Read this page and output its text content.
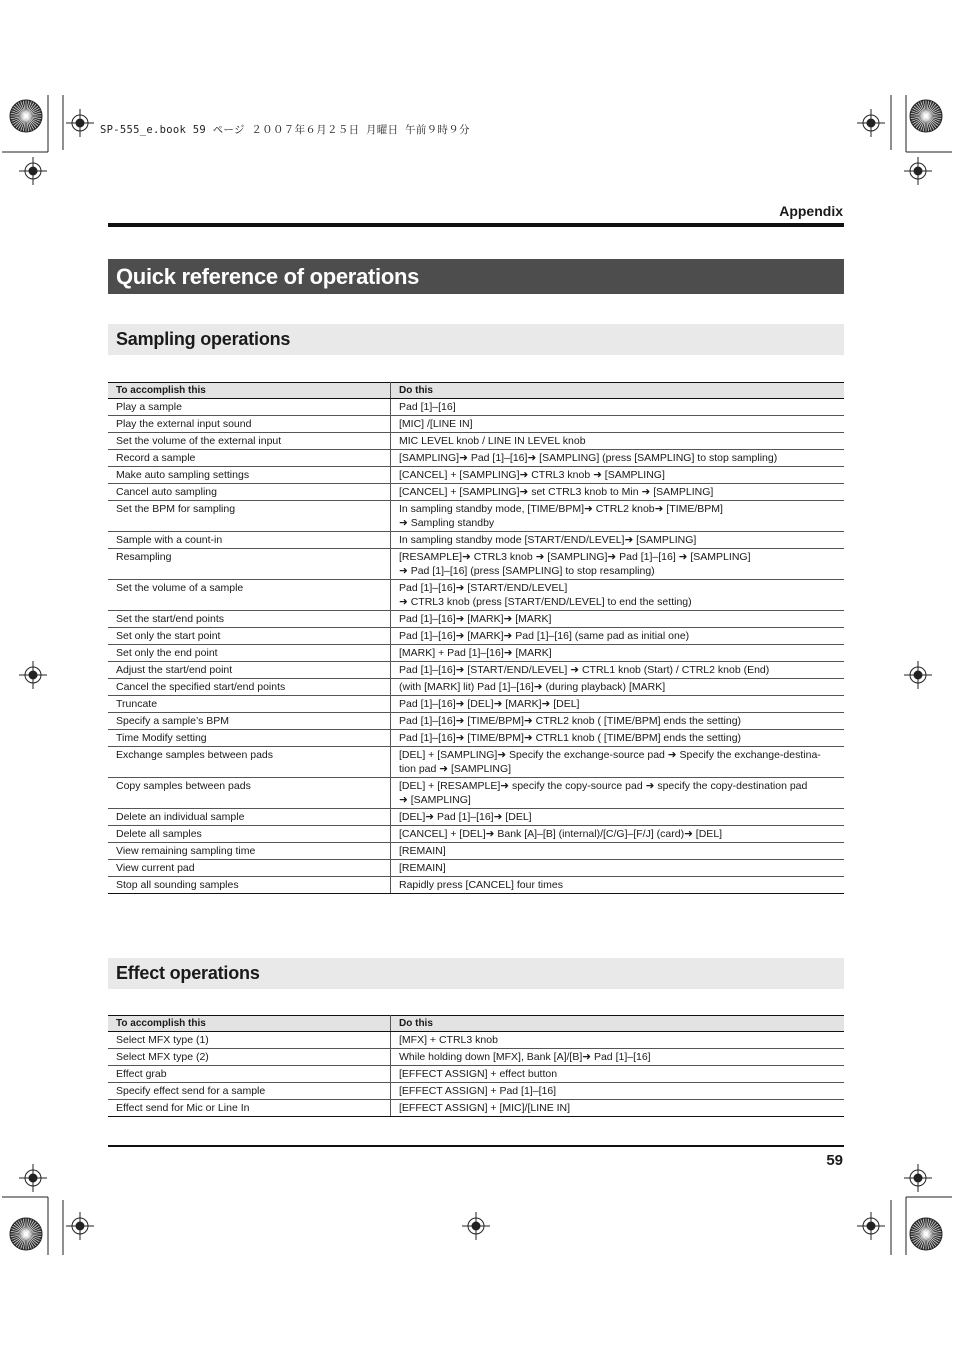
SP-555_e.book 59 ページ ２００７年６月２５日 月曜日 午前９時９分
Appendix
Quick reference of operations
Sampling operations
To accomplish this	Do this
Play a sample	Pad [1]–[16]
Play the external input sound	[MIC] /[LINE IN]
Set the volume of the external input	MIC LEVEL knob / LINE IN LEVEL knob
Record a sample	[SAMPLING]➜ Pad [1]–[16]➜ [SAMPLING] (press [SAMPLING] to stop sampling)
Make auto sampling settings	[CANCEL] + [SAMPLING]➜ CTRL3 knob ➜ [SAMPLING]
Cancel auto sampling	[CANCEL] + [SAMPLING]➜ set CTRL3 knob to Min ➜ [SAMPLING]
Set the BPM for sampling	In sampling standby mode, [TIME/BPM]➜ CTRL2 knob➜ [TIME/BPM]
➜ Sampling standby
Sample with a count-in	In sampling standby mode [START/END/LEVEL]➜ [SAMPLING]
Resampling	[RESAMPLE]➜ CTRL3 knob ➜ [SAMPLING]➜ Pad [1]–[16] ➜ [SAMPLING]
➜ Pad [1]–[16] (press [SAMPLING] to stop resampling)
Set the volume of a sample	Pad [1]–[16]➜ [START/END/LEVEL]
➜ CTRL3 knob (press [START/END/LEVEL] to end the setting)
Set the start/end points	Pad [1]–[16]➜ [MARK]➜ [MARK]
Set only the start point	Pad [1]–[16]➜ [MARK]➜ Pad [1]–[16] (same pad as initial one)
Set only the end point	[MARK] + Pad [1]–[16]➜ [MARK]
Adjust the start/end point	Pad [1]–[16]➜ [START/END/LEVEL] ➜ CTRL1 knob (Start) / CTRL2 knob (End)
Cancel the specified start/end points	(with [MARK] lit) Pad [1]–[16]➜ (during playback) [MARK]
Truncate	Pad [1]–[16]➜ [DEL]➜ [MARK]➜ [DEL]
Specify a sample’s BPM	Pad [1]–[16]➜ [TIME/BPM]➜ CTRL2 knob ( [TIME/BPM] ends the setting)
Time Modify setting	Pad [1]–[16]➜ [TIME/BPM]➜ CTRL1 knob ( [TIME/BPM] ends the setting)
Exchange samples between pads	[DEL] + [SAMPLING]➜ Specify the exchange-source pad ➜ Specify the exchange-destina-
tion pad ➜ [SAMPLING]
Copy samples between pads	[DEL] + [RESAMPLE]➜ specify the copy-source pad ➜ specify the copy-destination pad
➜ [SAMPLING]
Delete an individual sample	[DEL]➜ Pad [1]–[16]➜ [DEL]
Delete all samples	[CANCEL] + [DEL]➜ Bank [A]–[B] (internal)/[C/G]–[F/J] (card)➜ [DEL]
View remaining sampling time	[REMAIN]
View current pad	[REMAIN]
Stop all sounding samples	Rapidly press [CANCEL] four times
Effect operations
To accomplish this	Do this
Select MFX type (1)	[MFX] + CTRL3 knob
Select MFX type (2)	While holding down [MFX], Bank [A]/[B]➜ Pad [1]–[16]
Effect grab	[EFFECT ASSIGN] + effect button
Specify effect send for a sample	[EFFECT ASSIGN] + Pad [1]–[16]
Effect send for Mic or Line In	[EFFECT ASSIGN] + [MIC]/[LINE IN]
59
